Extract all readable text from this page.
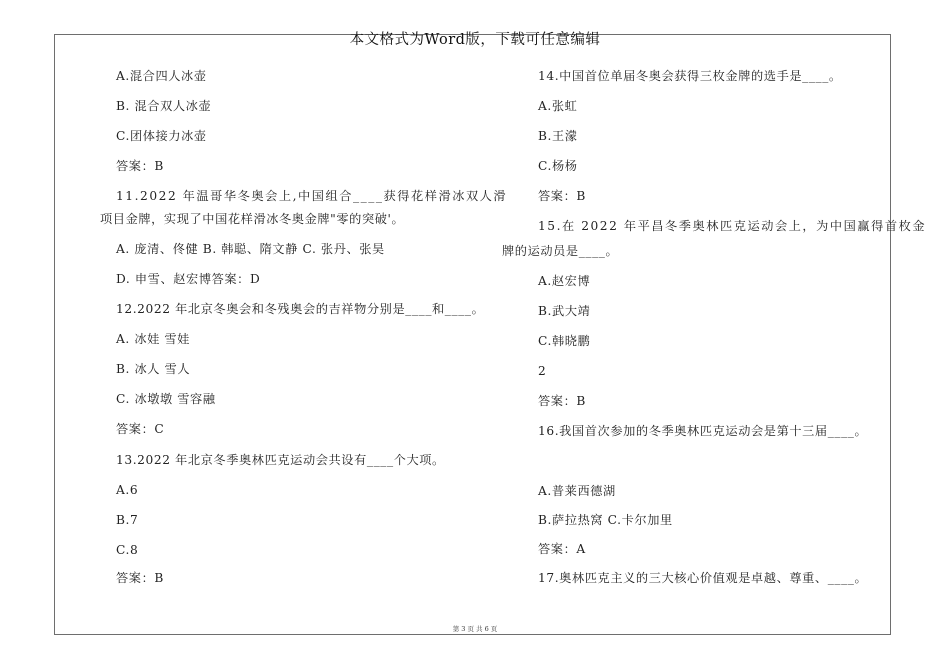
本文格式为Word版，下载可任意编辑
A.混合四人冰壶
B. 混合双人冰壶
C.团体接力冰壶
答案：B
11.2022 年温哥华冬奥会上,中国组合____获得花样滑冰双人滑
项目金牌，实现了中国花样滑冰冬奥金牌"零的突破'。
A. 庞清、佟健 B. 韩聪、隋文静 C. 张丹、张昊
D. 申雪、赵宏博答案：D
12.2022 年北京冬奥会和冬残奥会的吉祥物分别是____和____。
A. 冰娃 雪娃
B. 冰人 雪人
C. 冰墩墩 雪容融
答案：C
13.2022 年北京冬季奥林匹克运动会共设有____个大项。
A.6
B.7
C.8
答案：B
14.中国首位单届冬奥会获得三枚金牌的选手是____。
A.张虹
B.王濛
C.杨杨
答案：B
15.在 2022 年平昌冬季奥林匹克运动会上，为中国赢得首枚金
牌的运动员是____。
A.赵宏博
B.武大靖
C.韩晓鹏
2
答案：B
16.我国首次参加的冬季奥林匹克运动会是第十三届____。
A.普莱西德湖
B.萨拉热窝 C.卡尔加里
答案：A
17.奥林匹克主义的三大核心价值观是卓越、尊重、____。
第 3 页 共 6 页
